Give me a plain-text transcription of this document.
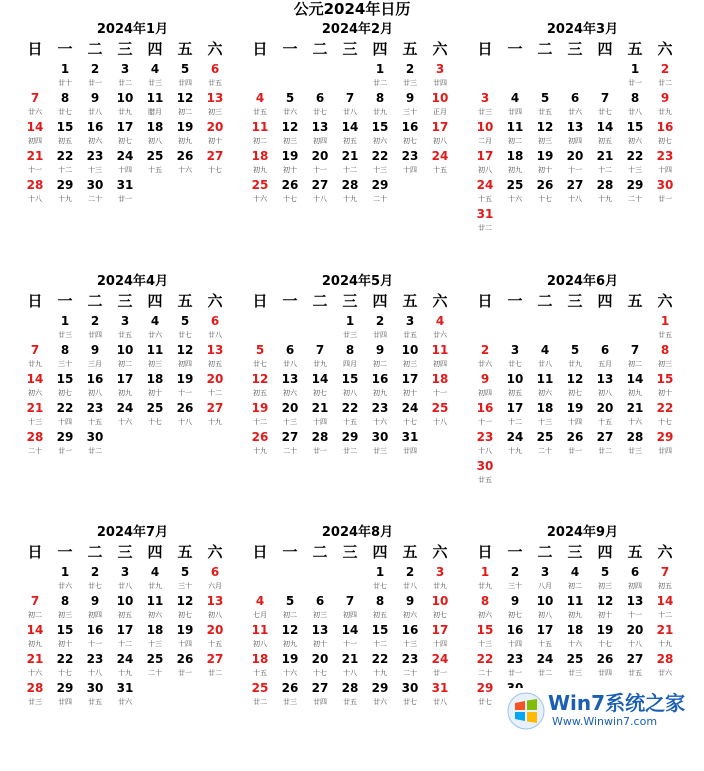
公元2024年日历
2024年1月
日 一 二 三 四 五 六
1
廿十
2
廿一
3
廿二
4
廿三
5
廿四
6
廿五
7
廿六
8
廿七
9
廿八
10
廿九
11
腊月
12
初二
13
初三
14
初四
15
初五
16
初六
17
初七
18
初八
19
初九
20
初十
21
十一
22
十二
23
十三
24
十四
25
十五
26
十六
27
十七
28
十八
29
十九
30
二十
31
廿一
2024年2月
日 一 二 三 四 五 六
1
廿二
2
廿三
3
廿四
4
廿五
5
廿六
6
廿七
7
廿八
8
廿九
9
三十
10
正月
11
初二
12
初三
13
初四
14
初五
15
初六
16
初七
17
初八
18
初九
19
初十
20
十一
21
十二
22
十三
23
十四
24
十五
25
十六
26
十七
27
十八
28
十九
29
二十
2024年3月
日 一 二 三 四 五 六
1
廿一
2
廿二
3
廿三
4
廿四
5
廿五
6
廿六
7
廿七
8
廿八
9
廿九
10
二月
11
初二
12
初三
13
初四
14
初五
15
初六
16
初七
17
初八
18
初九
19
初十
20
十一
21
十二
22
十三
23
十四
24
十五
25
十六
26
十七
27
十八
28
十九
29
二十
30
廿一
31
廿二
2024年4月
日 一 二 三 四 五 六
1
廿三
2
廿四
3
廿五
4
廿六
5
廿七
6
廿八
7
廿九
8
三十
9
三月
10
初二
11
初三
12
初四
13
初五
14
初六
15
初七
16
初八
17
初九
18
初十
19
十一
20
十二
21
十三
22
十四
23
十五
24
十六
25
十七
26
十八
27
十九
28
二十
29
廿一
30
廿二
2024年5月
日 一 二 三 四 五 六
1
廿三
2
廿四
3
廿五
4
廿六
5
廿七
6
廿八
7
廿九
8
四月
9
初二
10
初三
11
初四
12
初五
13
初六
14
初七
15
初八
16
初九
17
初十
18
十一
19
十二
20
十三
21
十四
22
十五
23
十六
24
十七
25
十八
26
十九
27
二十
28
廿一
29
廿二
30
廿三
31
廿四
2024年6月
日 一 二 三 四 五 六
1
廿五
2
廿六
3
廿七
4
廿八
5
廿九
6
五月
7
初二
8
初三
9
初四
10
初五
11
初六
12
初七
13
初八
14
初九
15
初十
16
十一
17
十二
18
十三
19
十四
20
十五
21
十六
22
十七
23
十八
24
十九
25
二十
26
廿一
27
廿二
28
廿三
29
廿四
30
廿五
2024年7月
日 一 二 三 四 五 六
1
廿六
2
廿七
3
廿八
4
廿九
5
三十
6
六月
7
初二
8
初三
9
初四
10
初五
11
初六
12
初七
13
初八
14
初九
15
初十
16
十一
17
十二
18
十三
19
十四
20
十五
21
十六
22
十七
23
十八
24
十九
25
二十
26
廿一
27
廿二
28
廿三
29
廿四
30
廿五
31
廿六
2024年8月
日 一 二 三 四 五 六
1
廿七
2
廿八
3
廿九
4
七月
5
初二
6
初三
7
初四
8
初五
9
初六
10
初七
11
初八
12
初九
13
初十
14
十一
15
十二
16
十三
17
十四
18
十五
19
十六
20
十七
21
十八
22
十九
23
二十
24
廿一
25
廿二
26
廿三
27
廿四
28
廿五
29
廿六
30
廿七
31
廿八
2024年9月
日 一 二 三 四 五 六
1
廿九
2
三十
3
八月
4
初二
5
初三
6
初四
7
初五
8
初六
9
初七
10
初八
11
初九
12
初十
13
十一
14
十二
15
十三
16
十四
17
十五
18
十六
19
十七
20
十八
21
十九
22
二十
23
廿一
24
廿二
25
廿三
26
廿四
27
廿五
28
廿六
29
廿七	Win7系统之家
Www.Winwin7.com
